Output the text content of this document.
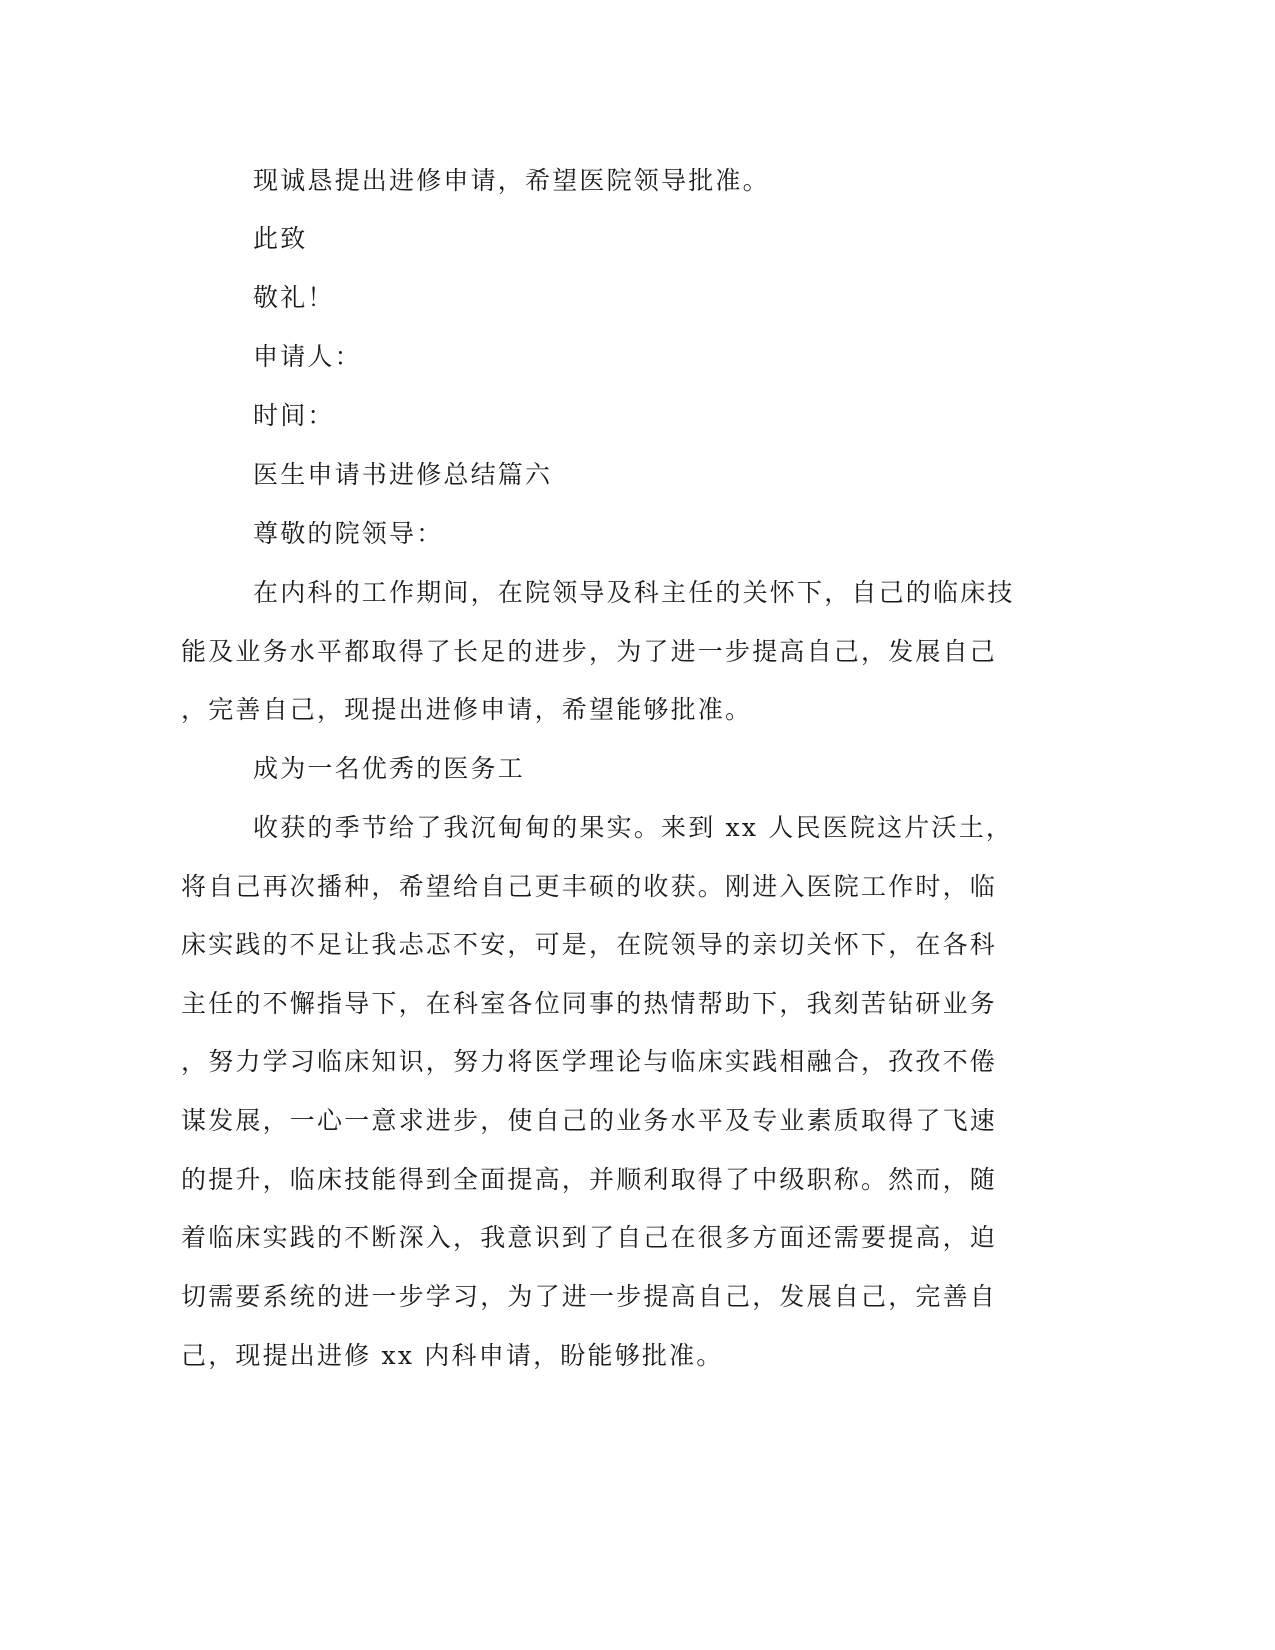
现诚恳提出进修申请，希望医院领导批准。
此致
敬礼！
申请人：
时间：
医生申请书进修总结篇六
尊敬的院领导：
在内科的工作期间，在院领导及科主任的关怀下，自己的临床技
能及业务水平都取得了长足的进步，为了进一步提高自己，发展自己
，完善自己，现提出进修申请，希望能够批准。
成为一名优秀的医务工
收获的季节给了我沉甸甸的果实。来到 xx 人民医院这片沃土，
将自己再次播种，希望给自己更丰硕的收获。刚进入医院工作时，临
床实践的不足让我忐忑不安，可是，在院领导的亲切关怀下，在各科
主任的不懈指导下，在科室各位同事的热情帮助下，我刻苦钻研业务
，努力学习临床知识，努力将医学理论与临床实践相融合，孜孜不倦
谋发展，一心一意求进步，使自己的业务水平及专业素质取得了飞速
的提升，临床技能得到全面提高，并顺利取得了中级职称。然而，随
着临床实践的不断深入，我意识到了自己在很多方面还需要提高，迫
切需要系统的进一步学习，为了进一步提高自己，发展自己，完善自
己，现提出进修 xx 内科申请，盼能够批准。
